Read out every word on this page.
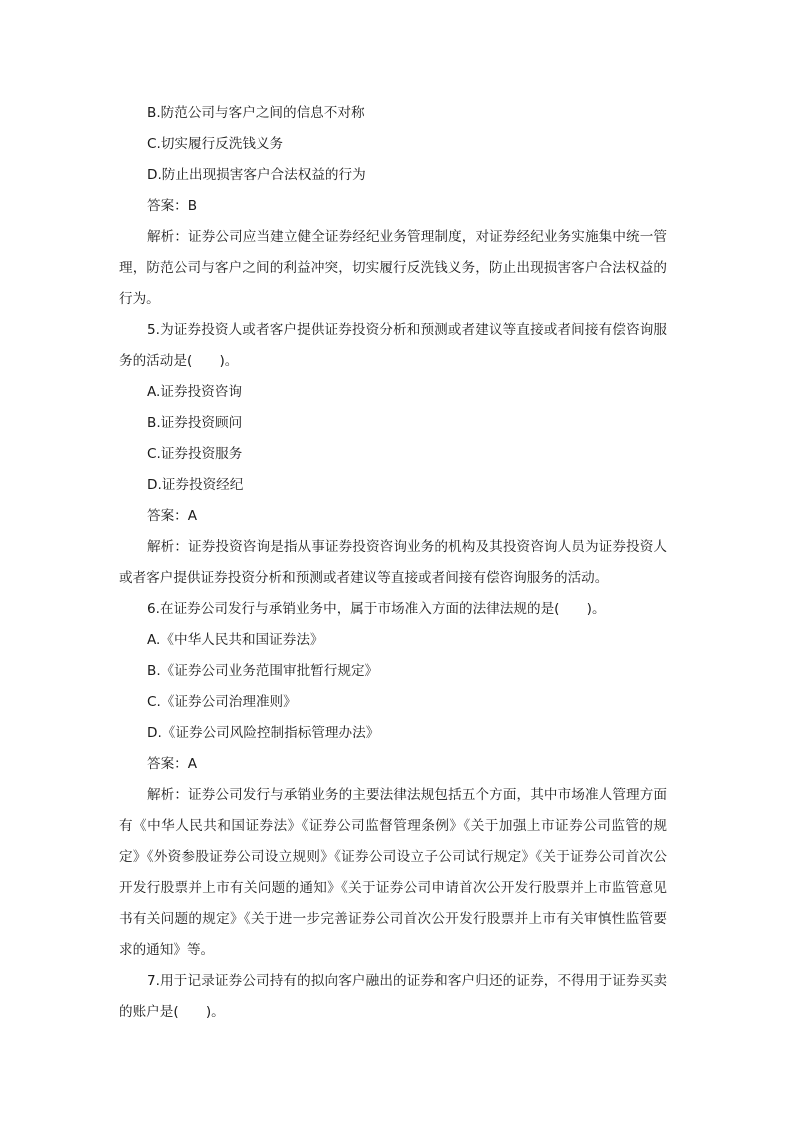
B.防范公司与客户之间的信息不对称

C.切实履行反洗钱义务

D.防止出现损害客户合法权益的行为

答案：B

解析：证券公司应当建立健全证券经纪业务管理制度，对证券经纪业务实施集中统一管理，防范公司与客户之间的利益冲突，切实履行反洗钱义务，防止出现损害客户合法权益的行为。

5.为证券投资人或者客户提供证券投资分析和预测或者建议等直接或者间接有偿咨询服务的活动是(　　)。

A.证券投资咨询

B.证券投资顾问

C.证券投资服务

D.证券投资经纪

答案：A

解析：证券投资咨询是指从事证券投资咨询业务的机构及其投资咨询人员为证券投资人或者客户提供证券投资分析和预测或者建议等直接或者间接有偿咨询服务的活动。

6.在证券公司发行与承销业务中，属于市场准入方面的法律法规的是(　　)。

A.《中华人民共和国证券法》

B.《证券公司业务范围审批暂行规定》

C.《证券公司治理准则》

D.《证券公司风险控制指标管理办法》

答案：A

解析：证券公司发行与承销业务的主要法律法规包括五个方面，其中市场准人管理方面有《中华人民共和国证券法》《证券公司监督管理条例》《关于加强上市证券公司监管的规定》《外资参股证券公司设立规则》《证券公司设立子公司试行规定》《关于证券公司首次公开发行股票并上市有关问题的通知》《关于证券公司申请首次公开发行股票并上市监管意见书有关问题的规定》《关于进一步完善证券公司首次公开发行股票并上市有关审慎性监管要求的通知》等。

7.用于记录证券公司持有的拟向客户融出的证券和客户归还的证券，不得用于证券买卖的账户是(　　)。
